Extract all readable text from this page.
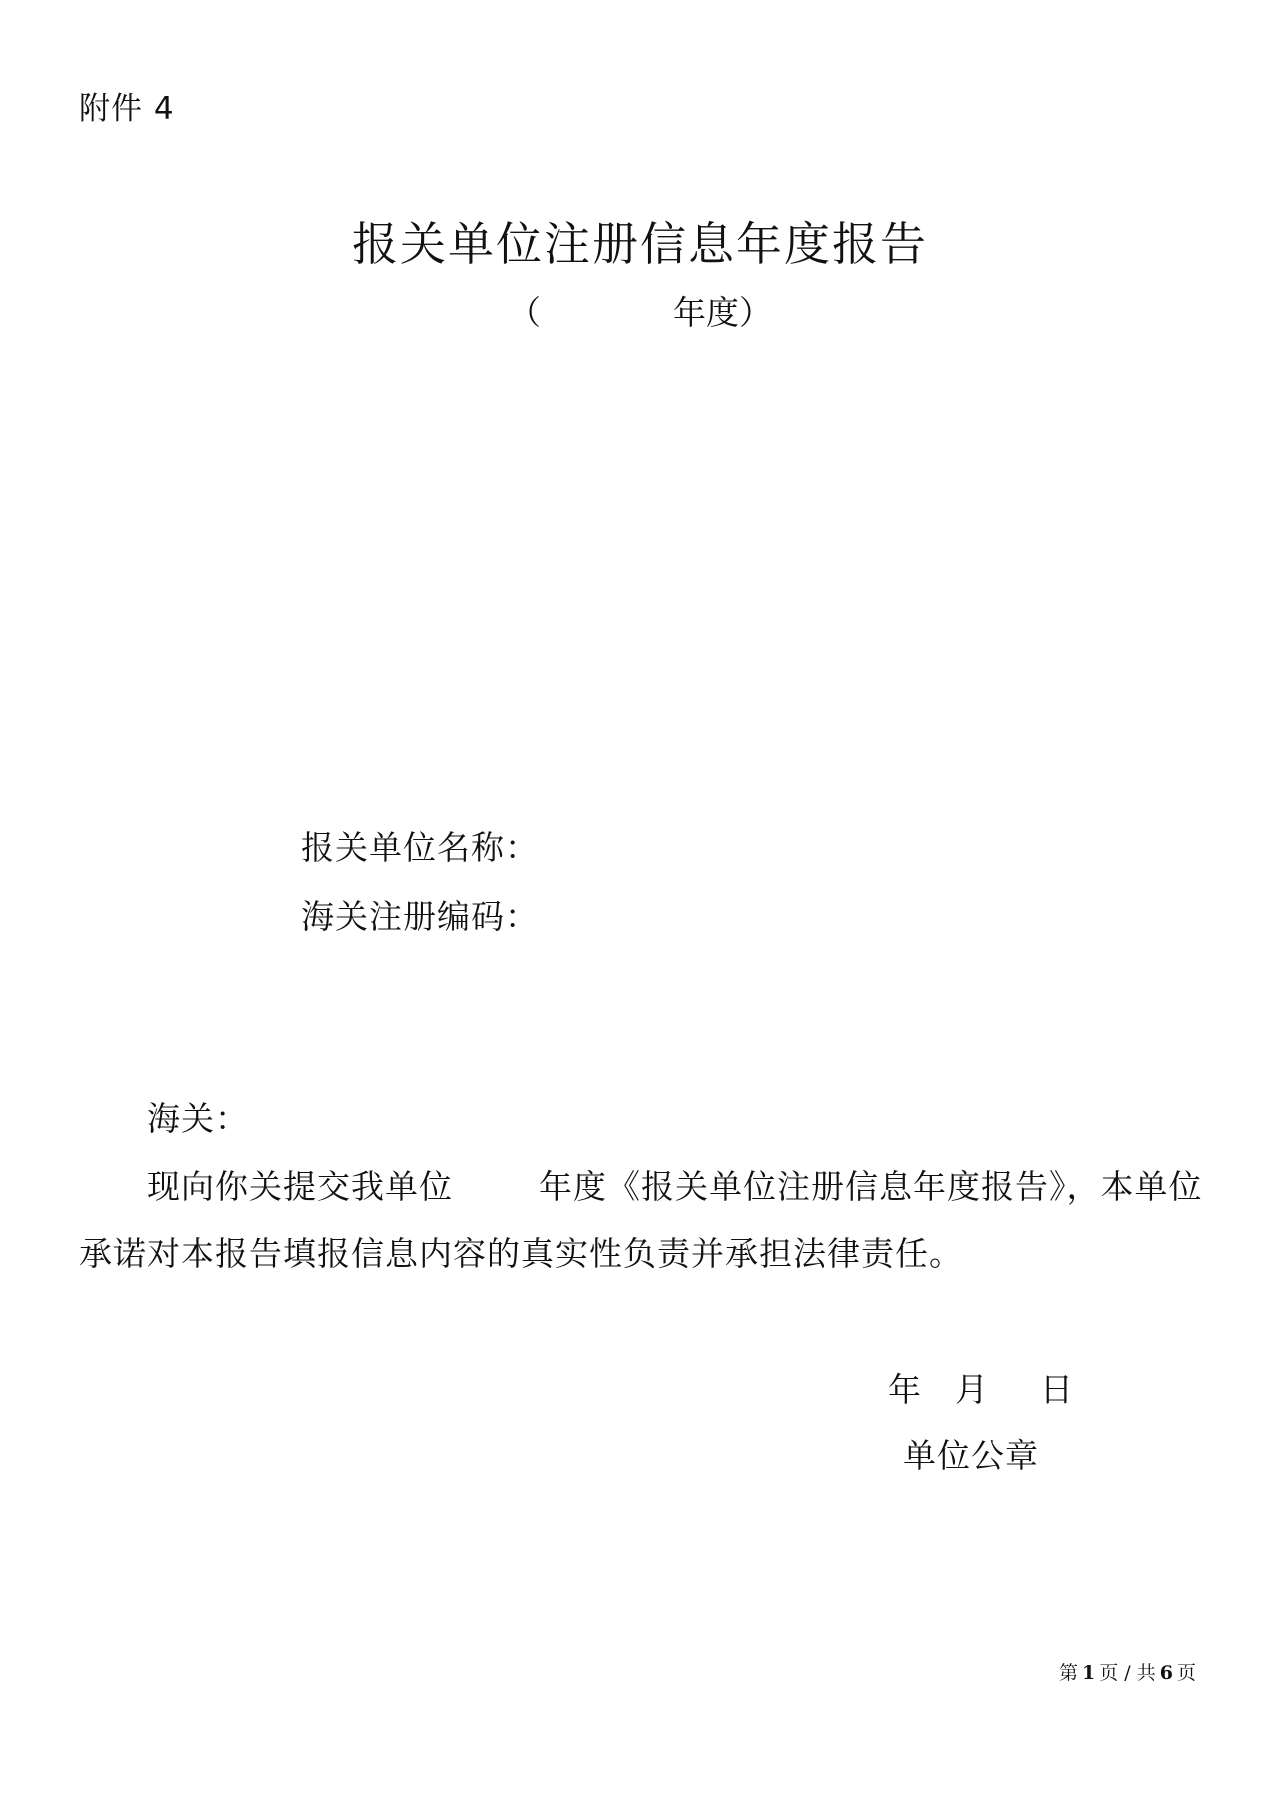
附件 4
报关单位注册信息年度报告
（	年度）
报关单位名称：
海关注册编码：
海关：
现向你关提交我单位	年度《报关单位注册信息年度报告》，本单位
承诺对本报告填报信息内容的真实性负责并承担法律责任。
年 月 日
单位公章
第 1 页 / 共 6 页
